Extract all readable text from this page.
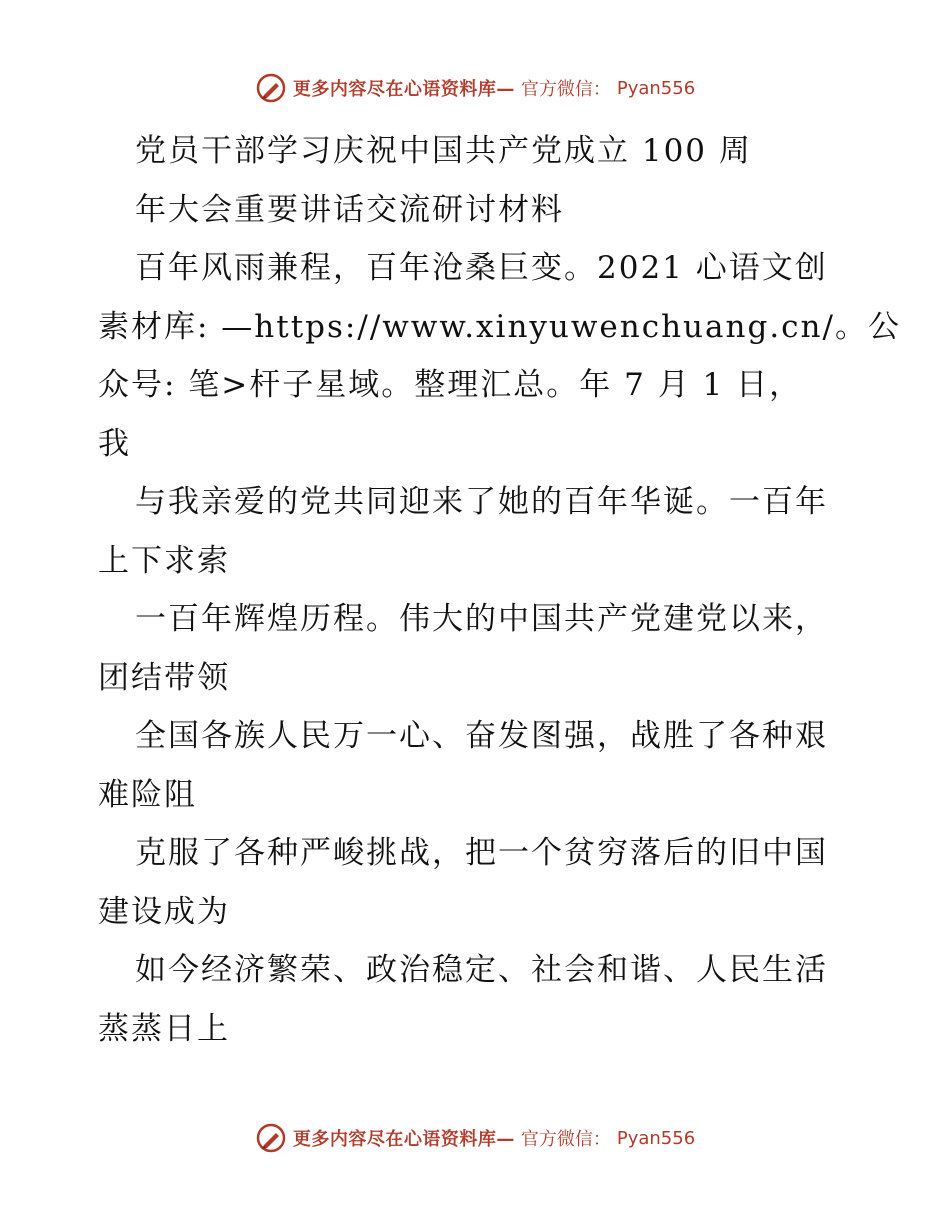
更多内容尽在心语资料库— 官方微信： Pyan556
党员干部学习庆祝中国共产党成立 100 周
年大会重要讲话交流研讨材料
百年风雨兼程，百年沧桑巨变。2021 心语文创
素材库: —https://www.xinyuwenchuang.cn/。公
众号: 笔>杆子星域。整理汇总。年 7 月 1 日，
我
与我亲爱的党共同迎来了她的百年华诞。一百年
上下求索
一百年辉煌历程。伟大的中国共产党建党以来，
团结带领
全国各族人民万一心、奋发图强，战胜了各种艰
难险阻
克服了各种严峻挑战，把一个贫穷落后的旧中国
建设成为
如今经济繁荣、政治稳定、社会和谐、人民生活
蒸蒸日上
更多内容尽在心语资料库— 官方微信： Pyan556
